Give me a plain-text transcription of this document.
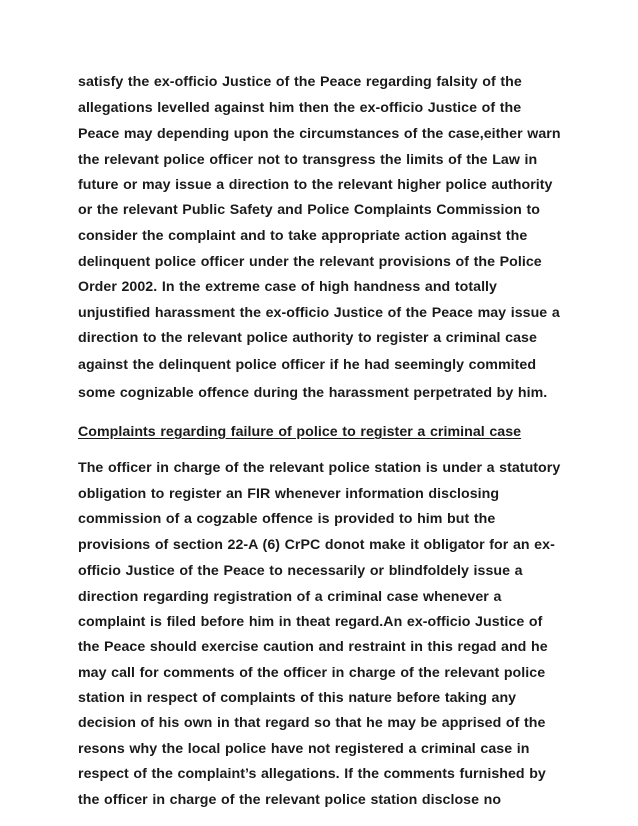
satisfy the ex-officio Justice of the Peace regarding falsity of the
allegations levelled against him then the ex-officio Justice of the
Peace may depending upon the circumstances of the case,either warn
the relevant police officer not to transgress the limits of the Law in
future or may issue a direction to the relevant higher police authority
or the relevant Public Safety and Police Complaints Commission to
consider the complaint and to take appropriate action against the
delinquent police officer under the relevant provisions of the Police
Order 2002. In the extreme case of high handness and totally
unjustified harassment the ex-officio Justice of the Peace may issue a
direction to the relevant police authority to register a criminal case
against the delinquent police officer if he had seemingly commited
some cognizable offence during the harassment perpetrated by him.
Complaints regarding failure of police to register a criminal case
The officer in charge of the relevant police station is under a statutory
obligation to register an FIR whenever information disclosing
commission of a cogzable offence is provided to him but the
provisions of section 22-A (6) CrPC donot make it obligator for an ex-
officio Justice of the Peace to necessarily or blindfoldely issue a
direction regarding registration of a criminal case whenever a
complaint is filed before him in theat regard.An ex-officio Justice of
the Peace should exercise caution and restraint in this regad and he
may call for comments of the officer in charge of the relevant police
station in respect of complaints of this nature before taking any
decision of his own in that regard so that he may be apprised of the
resons why the local police have not registered a criminal case in
respect of the complaint’s allegations. If the comments furnished by
the officer in charge of the relevant police station disclose no
